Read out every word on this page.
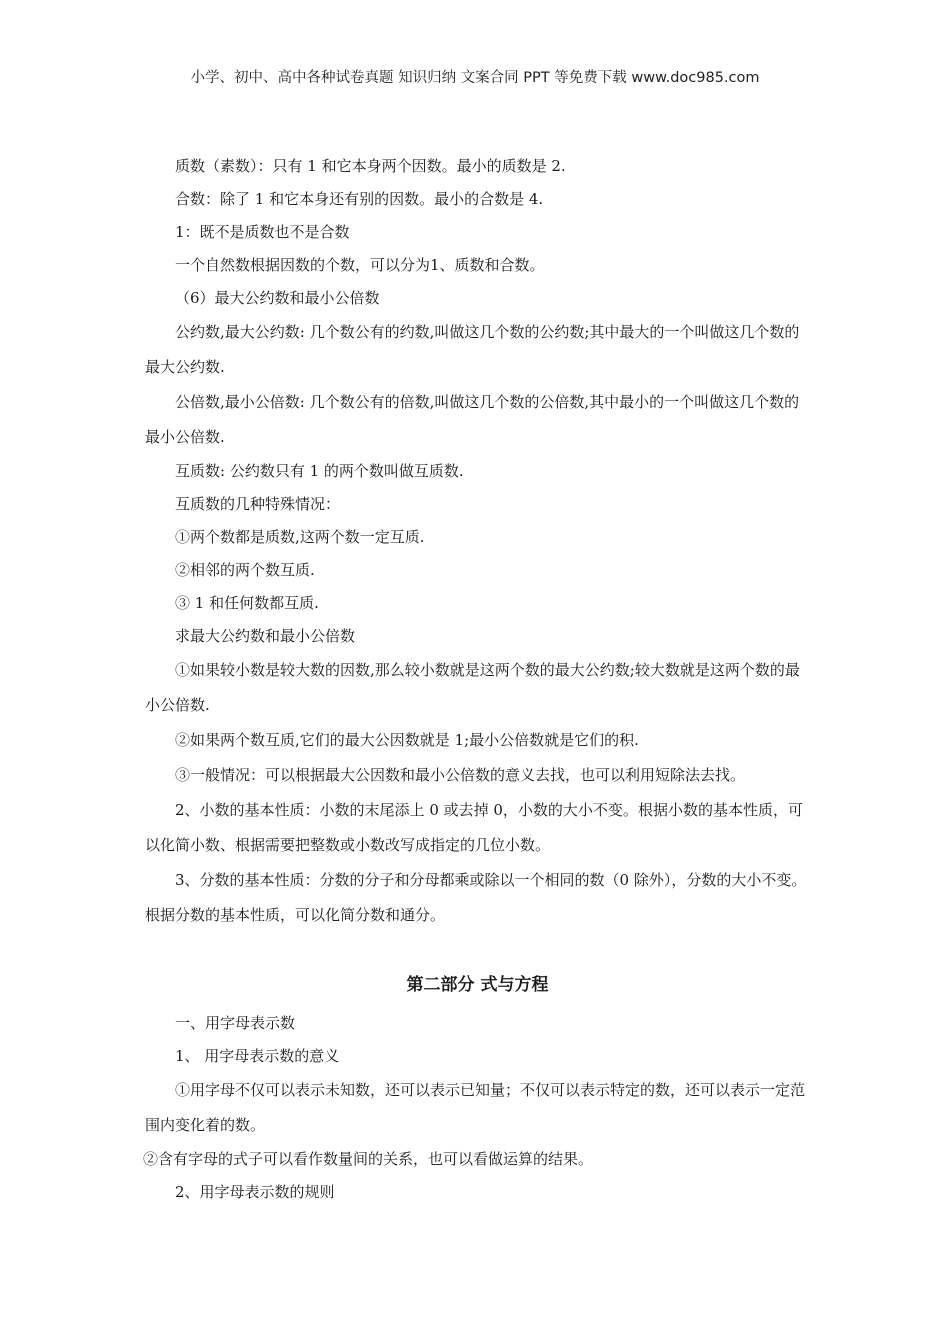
小学、初中、高中各种试卷真题 知识归纳 文案合同 PPT 等免费下载 www.doc985.com

质数（素数）：只有 1 和它本身两个因数。最小的质数是 2.

合数：除了 1 和它本身还有别的因数。最小的合数是 4.

1：既不是质数也不是合数

一个自然数根据因数的个数，可以分为1、质数和合数。

（6）最大公约数和最小公倍数

公约数,最大公约数: 几个数公有的约数,叫做这几个数的公约数;其中最大的一个叫做这几个数的最大公约数.

公倍数,最小公倍数: 几个数公有的倍数,叫做这几个数的公倍数,其中最小的一个叫做这几个数的最小公倍数.

互质数: 公约数只有 1 的两个数叫做互质数.

互质数的几种特殊情况：

①两个数都是质数,这两个数一定互质.

②相邻的两个数互质.

③ 1 和任何数都互质.

求最大公约数和最小公倍数

①如果较小数是较大数的因数,那么较小数就是这两个数的最大公约数;较大数就是这两个数的最小公倍数.

②如果两个数互质,它们的最大公因数就是 1;最小公倍数就是它们的积.

③一般情况：可以根据最大公因数和最小公倍数的意义去找，也可以利用短除法去找。

2、小数的基本性质：小数的末尾添上 0 或去掉 0，小数的大小不变。根据小数的基本性质，可以化简小数、根据需要把整数或小数改写成指定的几位小数。

3、分数的基本性质：分数的分子和分母都乘或除以一个相同的数（0 除外），分数的大小不变。根据分数的基本性质，可以化简分数和通分。

第二部分 式与方程

一、用字母表示数

1、 用字母表示数的意义

①用字母不仅可以表示未知数，还可以表示已知量；不仅可以表示特定的数，还可以表示一定范围内变化着的数。

②含有字母的式子可以看作数量间的关系，也可以看做运算的结果。

2、用字母表示数的规则
